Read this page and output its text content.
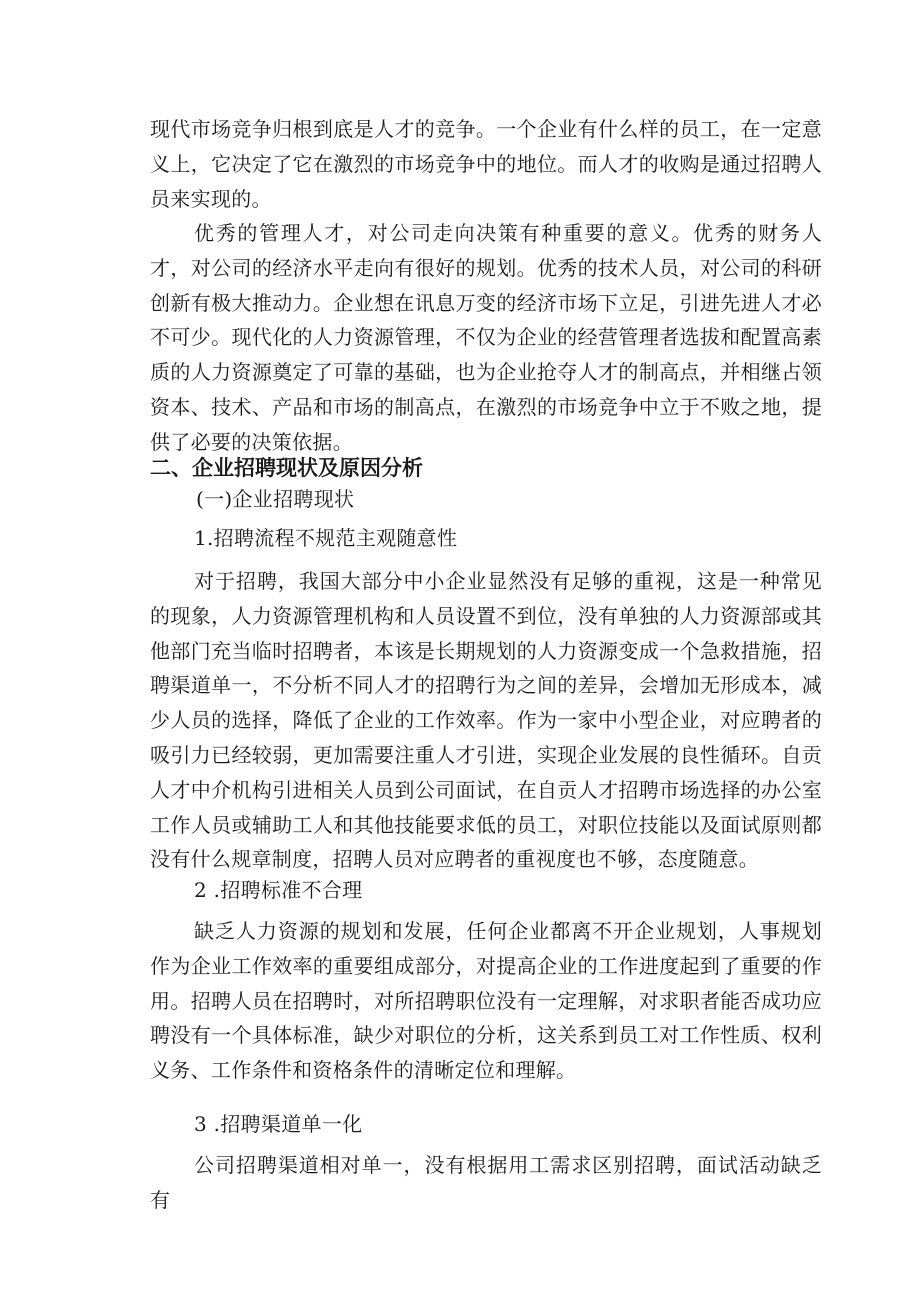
现代市场竞争归根到底是人才的竞争。一个企业有什么样的员工，在一定意义上，它决定了它在激烈的市场竞争中的地位。而人才的收购是通过招聘人员来实现的。

优秀的管理人才，对公司走向决策有种重要的意义。优秀的财务人才，对公司的经济水平走向有很好的规划。优秀的技术人员，对公司的科研创新有极大推动力。企业想在讯息万变的经济市场下立足，引进先进人才必不可少。现代化的人力资源管理，不仅为企业的经营管理者选拔和配置高素质的人力资源奠定了可靠的基础，也为企业抢夺人才的制高点，并相继占领资本、技术、产品和市场的制高点，在激烈的市场竞争中立于不败之地，提供了必要的决策依据。

二、企业招聘现状及原因分析
(一)企业招聘现状
1.招聘流程不规范主观随意性

对于招聘，我国大部分中小企业显然没有足够的重视，这是一种常见的现象，人力资源管理机构和人员设置不到位，没有单独的人力资源部或其他部门充当临时招聘者，本该是长期规划的人力资源变成一个急救措施，招聘渠道单一，不分析不同人才的招聘行为之间的差异，会增加无形成本，减少人员的选择，降低了企业的工作效率。作为一家中小型企业，对应聘者的吸引力已经较弱，更加需要注重人才引进，实现企业发展的良性循环。自贡人才中介机构引进相关人员到公司面试，在自贡人才招聘市场选择的办公室工作人员或辅助工人和其他技能要求低的员工，对职位技能以及面试原则都没有什么规章制度，招聘人员对应聘者的重视度也不够，态度随意。

2 .招聘标准不合理

缺乏人力资源的规划和发展，任何企业都离不开企业规划，人事规划作为企业工作效率的重要组成部分，对提高企业的工作进度起到了重要的作用。招聘人员在招聘时，对所招聘职位没有一定理解，对求职者能否成功应聘没有一个具体标准，缺少对职位的分析，这关系到员工对工作性质、权利义务、工作条件和资格条件的清晰定位和理解。

3 .招聘渠道单一化

公司招聘渠道相对单一，没有根据用工需求区别招聘，面试活动缺乏有
